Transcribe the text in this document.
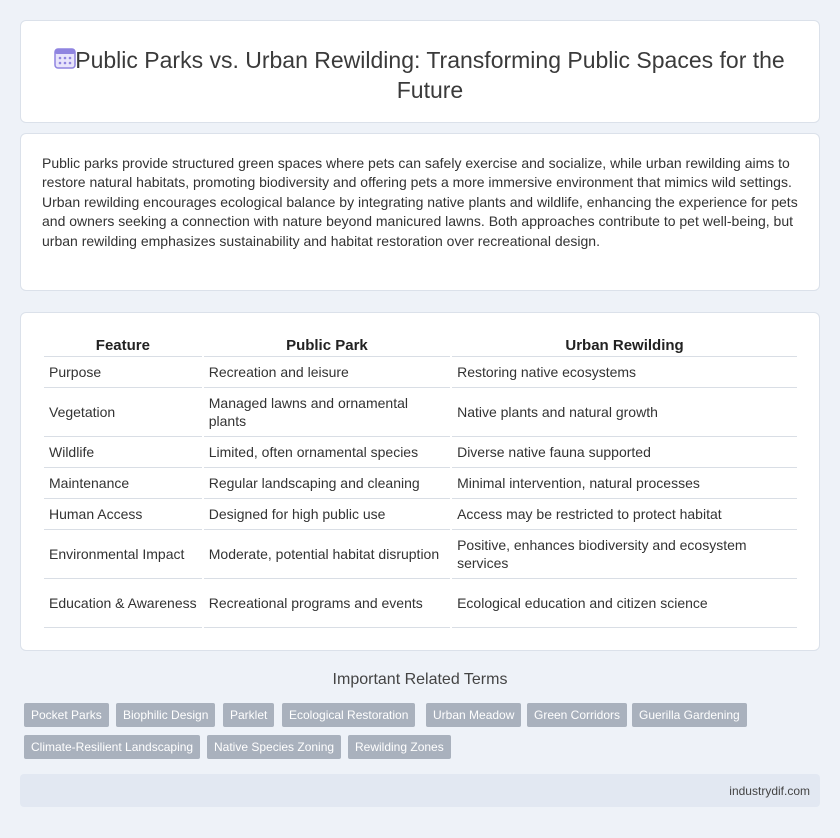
Public Parks vs. Urban Rewilding: Transforming Public Spaces for the Future

Public parks provide structured green spaces where pets can safely exercise and socialize, while urban rewilding aims to restore natural habitats, promoting biodiversity and offering pets a more immersive environment that mimics wild settings. Urban rewilding encourages ecological balance by integrating native plants and wildlife, enhancing the experience for pets and owners seeking a connection with nature beyond manicured lawns. Both approaches contribute to pet well-being, but urban rewilding emphasizes sustainability and habitat restoration over recreational design.

Feature	Public Park	Urban Rewilding
Purpose	Recreation and leisure	Restoring native ecosystems
Vegetation	Managed lawns and ornamental plants	Native plants and natural growth
Wildlife	Limited, often ornamental species	Diverse native fauna supported
Maintenance	Regular landscaping and cleaning	Minimal intervention, natural processes
Human Access	Designed for high public use	Access may be restricted to protect habitat
Environmental Impact	Moderate, potential habitat disruption	Positive, enhances biodiversity and ecosystem services
Education & Awareness	Recreational programs and events	Ecological education and citizen science
Important Related Terms
Pocket Parks	Biophilic Design	Parklet	Ecological Restoration	Urban Meadow	Green Corridors	Guerilla Gardening
Climate-Resilient Landscaping	Native Species Zoning	Rewilding Zones
industrydif.com
